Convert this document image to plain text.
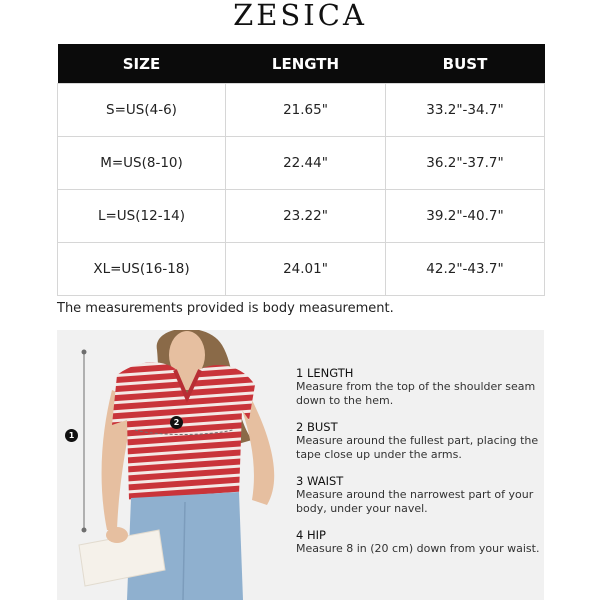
ZESICA
SIZE	LENGTH	BUST
S=US(4-6)	21.65"	33.2"-34.7"
M=US(8-10)	22.44"	36.2"-37.7"
L=US(12-14)	23.22"	39.2"-40.7"
XL=US(16-18)	24.01"	42.2"-43.7"
The measurements provided is body measurement.
1
2
1 LENGTH
Measure from the top of the shoulder seam down to the hem.
2 BUST
Measure around the fullest part, placing the tape close up under the arms.
3 WAIST
Measure around the narrowest part of your body, under your navel.
4 HIP
Measure 8 in (20 cm) down from your waist.
